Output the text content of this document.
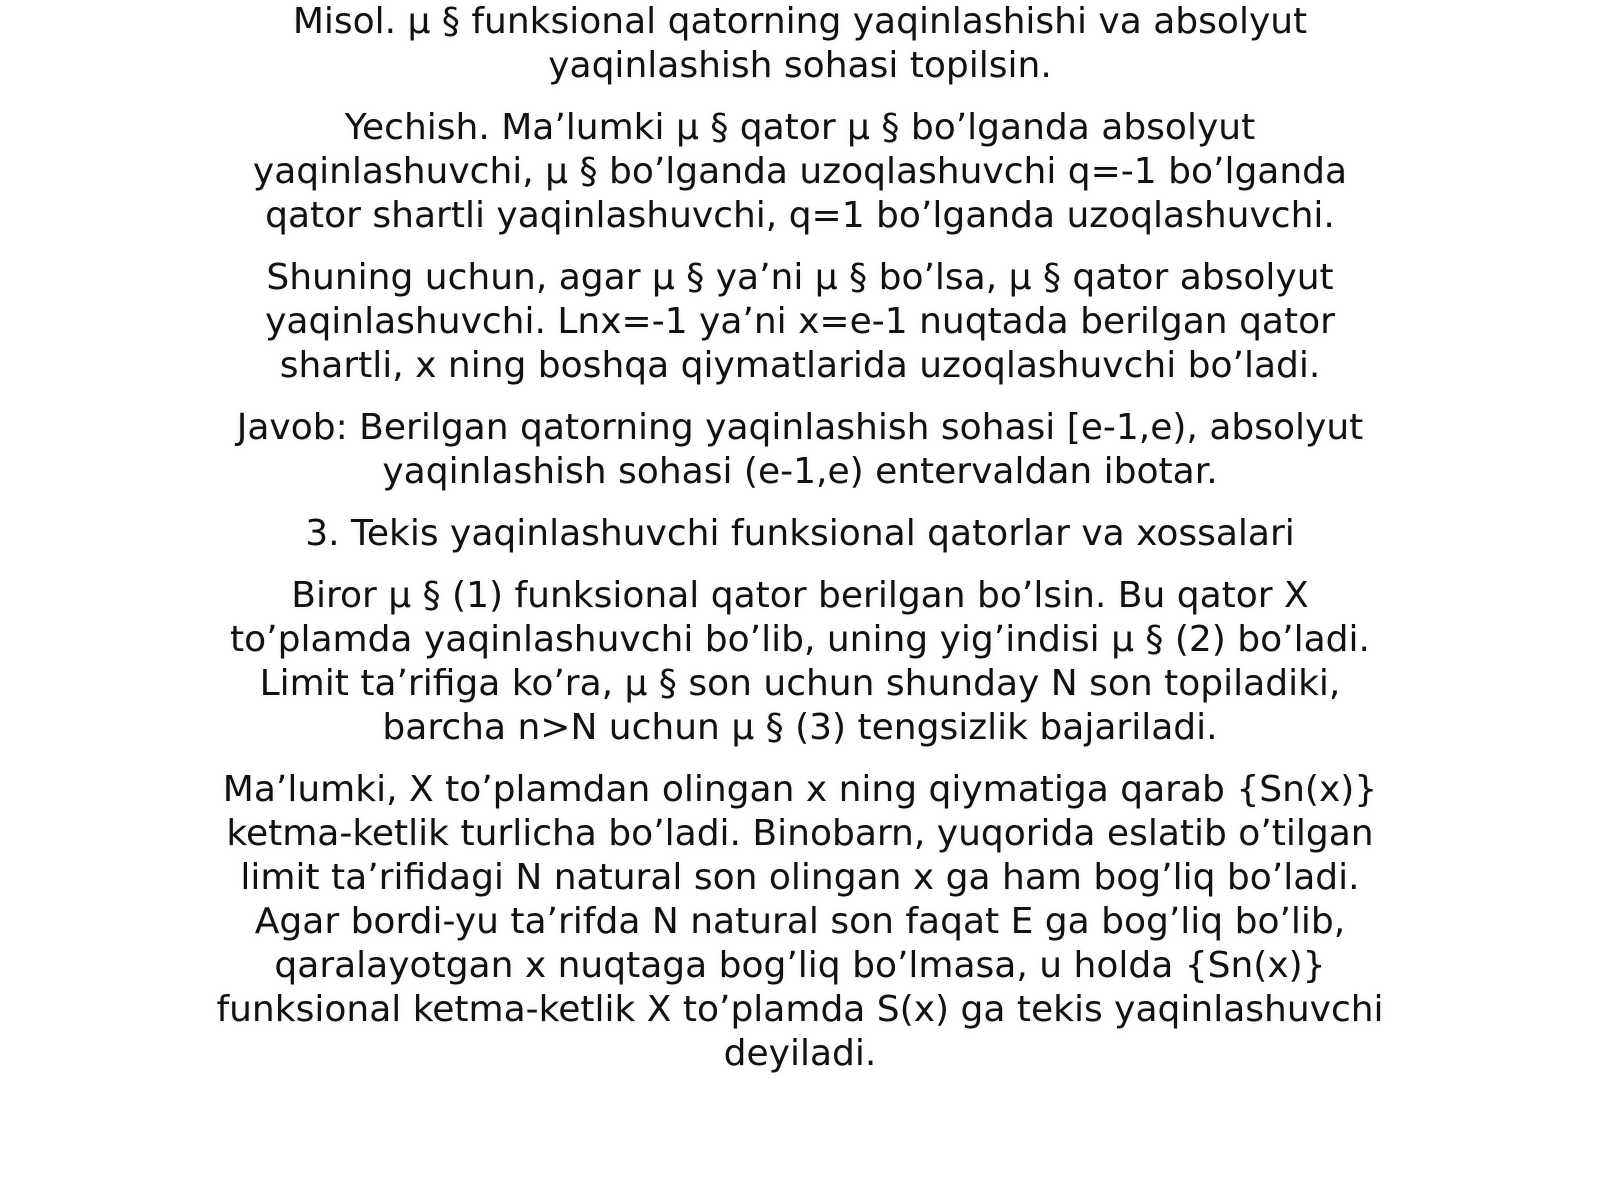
Misol. µ § funksional qatorning yaqinlashishi va absolyut yaqinlashish sohasi topilsin.

Yechish. Ma’lumki µ § qator µ § bo’lganda absolyut yaqinlashuvchi, µ § bo’lganda uzoqlashuvchi q=-1 bo’lganda qator shartli yaqinlashuvchi, q=1 bo’lganda uzoqlashuvchi.

Shuning uchun, agar µ § ya’ni µ § bo’lsa, µ § qator absolyut yaqinlashuvchi. Lnx=-1 ya’ni x=e-1 nuqtada berilgan qator shartli, x ning boshqa qiymatlarida uzoqlashuvchi bo’ladi.

Javob: Berilgan qatorning yaqinlashish sohasi [e-1,e), absolyut yaqinlashish sohasi (e-1,e) entervaldan ibotar.

3. Tekis yaqinlashuvchi funksional qatorlar va xossalari

Biror µ § (1) funksional qator berilgan bo’lsin. Bu qator X to’plamda yaqinlashuvchi bo’lib, uning yig’indisi µ § (2) bo’ladi. Limit ta’rifiga ko’ra, µ § son uchun shunday N son topiladiki, barcha n>N uchun µ § (3) tengsizlik bajariladi.

Ma’lumki, X to’plamdan olingan x ning qiymatiga qarab {Sn(x)} ketma-ketlik turlicha bo’ladi. Binobarn, yuqorida eslatib o’tilgan limit ta’rifidagi N natural son olingan x ga ham bog’liq bo’ladi. Agar bordi-yu ta’rifda N natural son faqat E ga bog’liq bo’lib, qaralayotgan x nuqtaga bog’liq bo’lmasa, u holda {Sn(x)} funksional ketma-ketlik X to’plamda S(x) ga tekis yaqinlashuvchi deyiladi.
